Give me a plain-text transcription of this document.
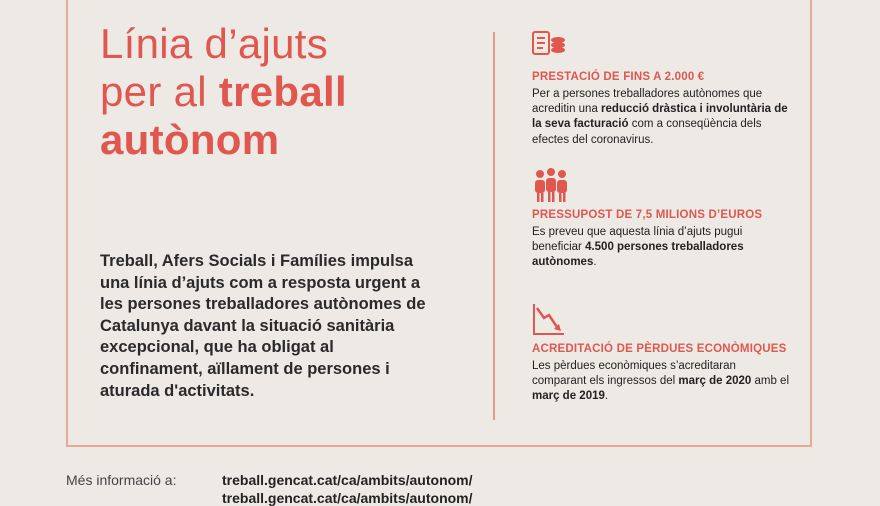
Línia d’ajuts
per al treball
autònom
Treball, Afers Socials i Famílies impulsa una línia d’ajuts com a resposta urgent a les persones treballadores autònomes de Catalunya davant la situació sanitària excepcional, que ha obligat al confinament, aïllament de persones i aturada d'activitats.
PRESTACIÓ DE FINS A 2.000 €
Per a persones treballadores autònomes que acreditin una reducció dràstica i involuntària de la seva facturació com a conseqüència dels efectes del coronavirus.
PRESSUPOST DE 7,5 MILIONS D’EUROS
Es preveu que aquesta línia d’ajuts pugui beneficiar 4.500 persones treballadores autònomes.
ACREDITACIÓ DE PÈRDUES ECONÒMIQUES
Les pèrdues econòmiques s’acreditaran comparant els ingressos del març de 2020 amb el març de 2019.
Més informació a:	treball.gencat.cat/ca/ambits/autonom/
treball.gencat.cat/ca/ambits/autonom/
